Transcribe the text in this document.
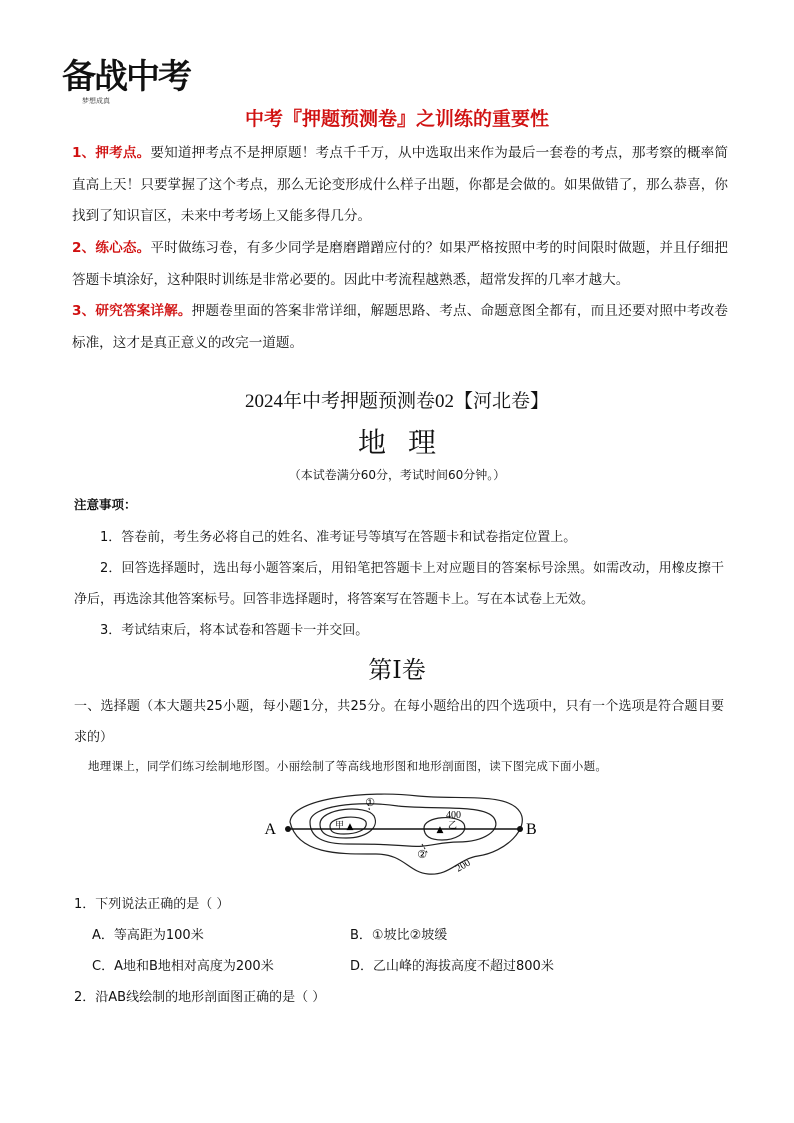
备战中考
梦想成真
中考『押题预测卷』之训练的重要性
1、押考点。要知道押考点不是押原题！考点千千万，从中选取出来作为最后一套卷的考点，那考察的概率简直高上天！只要掌握了这个考点，那么无论变形成什么样子出题，你都是会做的。如果做错了，那么恭喜，你找到了知识盲区，未来中考考场上又能多得几分。
2、练心态。平时做练习卷，有多少同学是磨磨蹭蹭应付的？如果严格按照中考的时间限时做题，并且仔细把答题卡填涂好，这种限时训练是非常必要的。因此中考流程越熟悉，超常发挥的几率才越大。
3、研究答案详解。押题卷里面的答案非常详细，解题思路、考点、命题意图全都有，而且还要对照中考改卷标准，这才是真正意义的改完一道题。
2024年中考押题预测卷02【河北卷】
地理
（本试卷满分60分，考试时间60分钟。）
注意事项：
1．答卷前，考生务必将自己的姓名、准考证号等填写在答题卡和试卷指定位置上。
2．回答选择题时，选出每小题答案后，用铅笔把答题卡上对应题目的答案标号涂黑。如需改动，用橡皮擦干净后，再选涂其他答案标号。回答非选择题时，将答案写在答题卡上。写在本试卷上无效。
3．考试结束后，将本试卷和答题卡一并交回。
第Ⅰ卷
一、选择题（本大题共25小题，每小题1分，共25分。在每小题给出的四个选项中，只有一个选项是符合题目要求的）
地理课上，同学们练习绘制地形图。小丽绘制了等高线地形图和地形剖面图，读下图完成下面小题。
▲	▲
甲	乙
A	B
400
200
①
②
1．下列说法正确的是（ ）
A．等高距为100米	B．①坡比②坡缓
C．A地和B地相对高度为200米	D．乙山峰的海拔高度不超过800米
2．沿AB线绘制的地形剖面图正确的是（ ）
